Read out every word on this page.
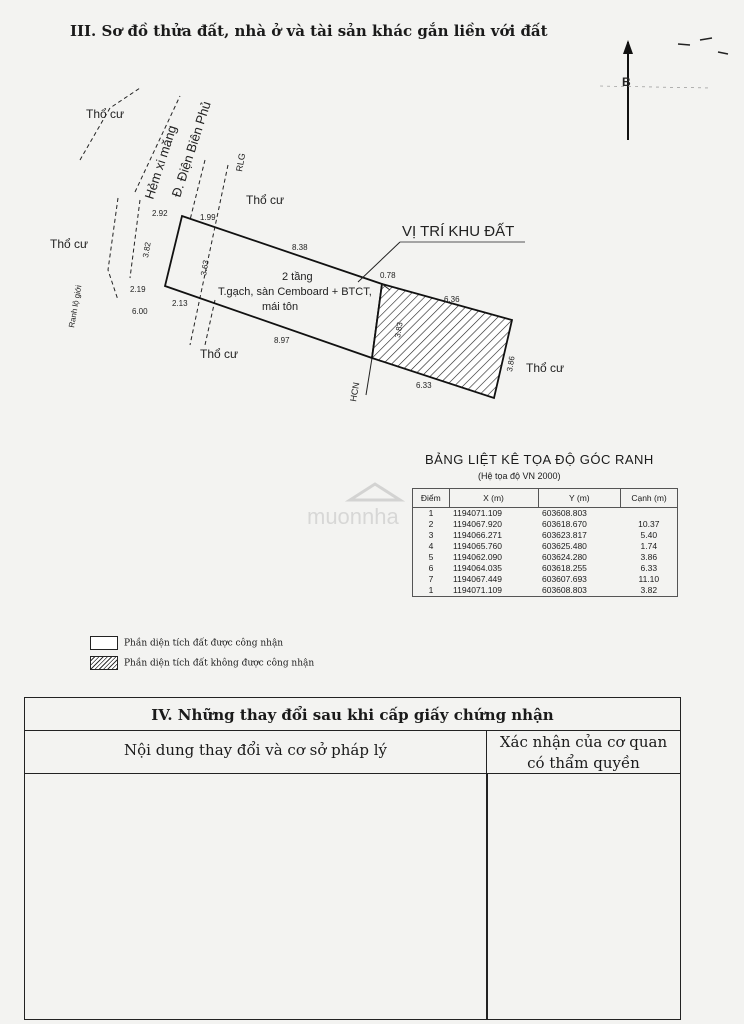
III. Sơ đồ thửa đất, nhà ở và tài sản khác gắn liền với đất
B
VỊ TRÍ KHU ĐẤT
Hẻm xi măng
Đ. Điện Biên Phủ
Ranh lộ giới
RLG
HCN
Thổ cư
Thổ cư
Thổ cư
Thổ cư
Thổ cư
2 tầng
T.gạch, sàn Cemboard + BTCT,
mái tôn
2.92	1.99
3.82
3.63
2.19
2.13
6.00
8.38
8.97
0.78
6.36
3.83
6.33
3.86
BẢNG LIỆT KÊ TỌA ĐỘ GÓC RANH
(Hệ tọa độ VN 2000)
muonnha
Điểm	X (m)	Y (m)	Cạnh (m)
1	1194071.109	603608.803	
2	1194067.920	603618.670	10.37
3	1194066.271	603623.817	5.40
4	1194065.760	603625.480	1.74
5	1194062.090	603624.280	3.86
6	1194064.035	603618.255	6.33
7	1194067.449	603607.693	11.10
1	1194071.109	603608.803	3.82
Phần diện tích đất được công nhận
Phần diện tích đất không được công nhận
IV. Những thay đổi sau khi cấp giấy chứng nhận
Nội dung thay đổi và cơ sở pháp lý	Xác nhận của cơ quan
có thẩm quyền
